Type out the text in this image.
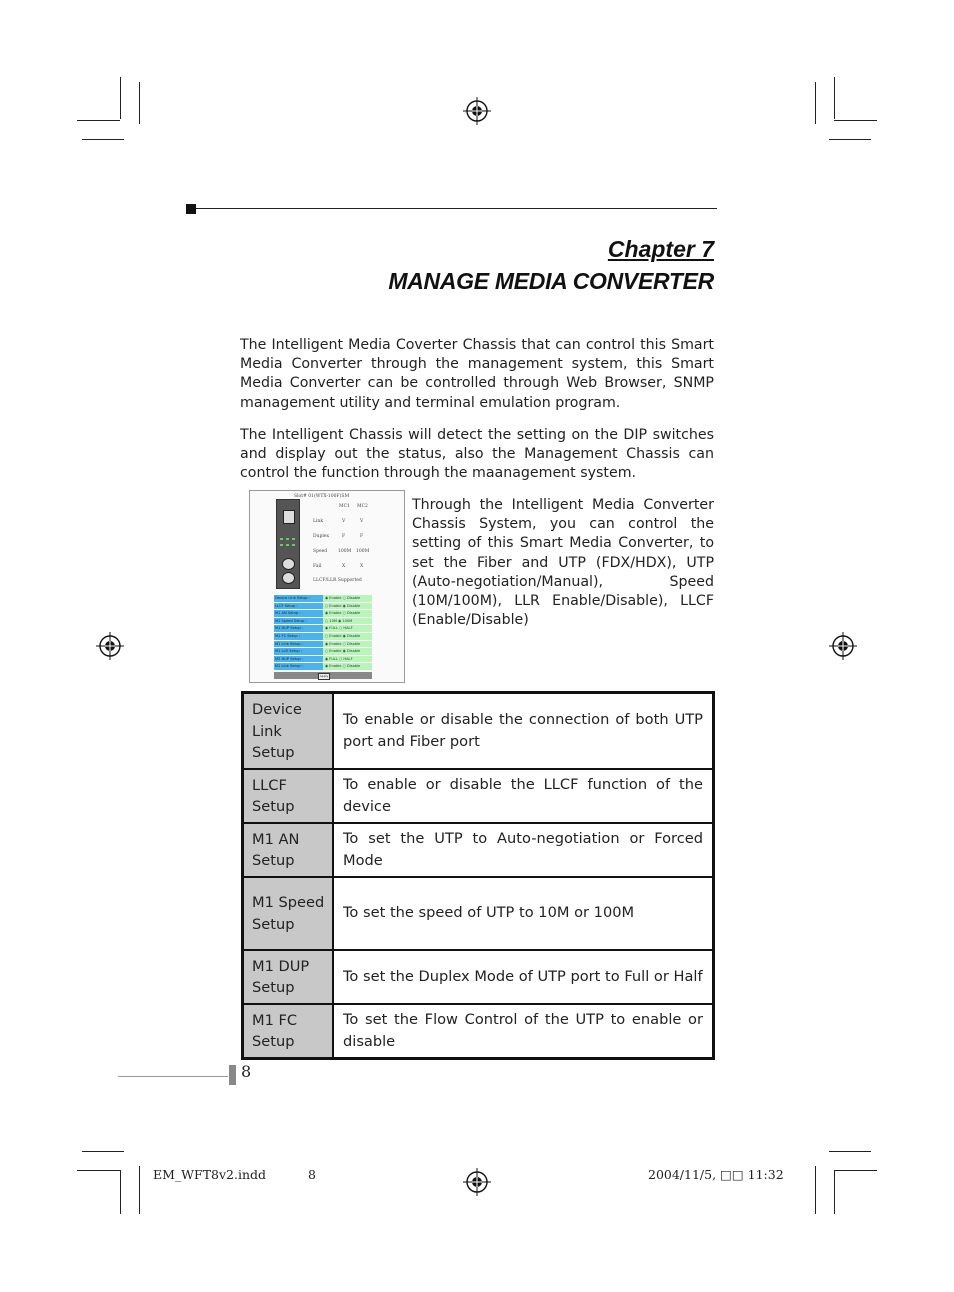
Chapter 7
MANAGE MEDIA CONVERTER
The Intelligent Media Coverter Chassis that can control this Smart Media Converter through the management system, this Smart Media Converter can be controlled through Web Browser, SNMP management utility and terminal emulation program.
The Intelligent Chassis will detect the setting on the DIP switches and display out the status, also the Management Chassis can control the function through the maanagement system.
Slot# 01(WTX-100F)SM
MC1 MC2
Link	V	V
Duplex	F	F
Speed 100M 100M
Fail	X	X
LLCF/LLR Supported
Device Link Setup :	◉ Enable ○ Disable
LLCF Setup :	○ Enable ◉ Disable
M1 AN Setup :	◉ Enable ○ Disable
M1 Speed Setup :	○ 10M ◉ 100M
M1 DUP Setup :	◉ FULL ○ HALF
M1 FC Setup :	○ Enable ◉ Disable
M1 Link Setup :	◉ Enable ○ Disable
M1 LLR Setup :	○ Enable ◉ Disable
M2 DUP Setup :	◉ FULL ○ HALF
M2 Link Setup :	◉ Enable ○ Disable
Apply
Through the Intelligent Media Converter Chassis System, you can control the setting of this Smart Media Converter, to set the Fiber and UTP (FDX/HDX), UTP (Auto-negotiation/Manual), Speed (10M/100M), LLR Enable/Disable), LLCF (Enable/Disable)
Device Link Setup	To enable or disable the connection of both UTP port and Fiber port
LLCF Setup	To enable or disable the LLCF function of the device
M1 AN Setup	To set the UTP to Auto-negotiation or Forced Mode
M1 Speed Setup	To set the speed of UTP to 10M or 100M
M1 DUP Setup	To set the Duplex Mode of UTP port to Full or Half
M1 FC Setup	To set the Flow Control of the UTP to enable or disable
8
EM_WFT8v2.indd	8	2004/11/5, □□ 11:32
